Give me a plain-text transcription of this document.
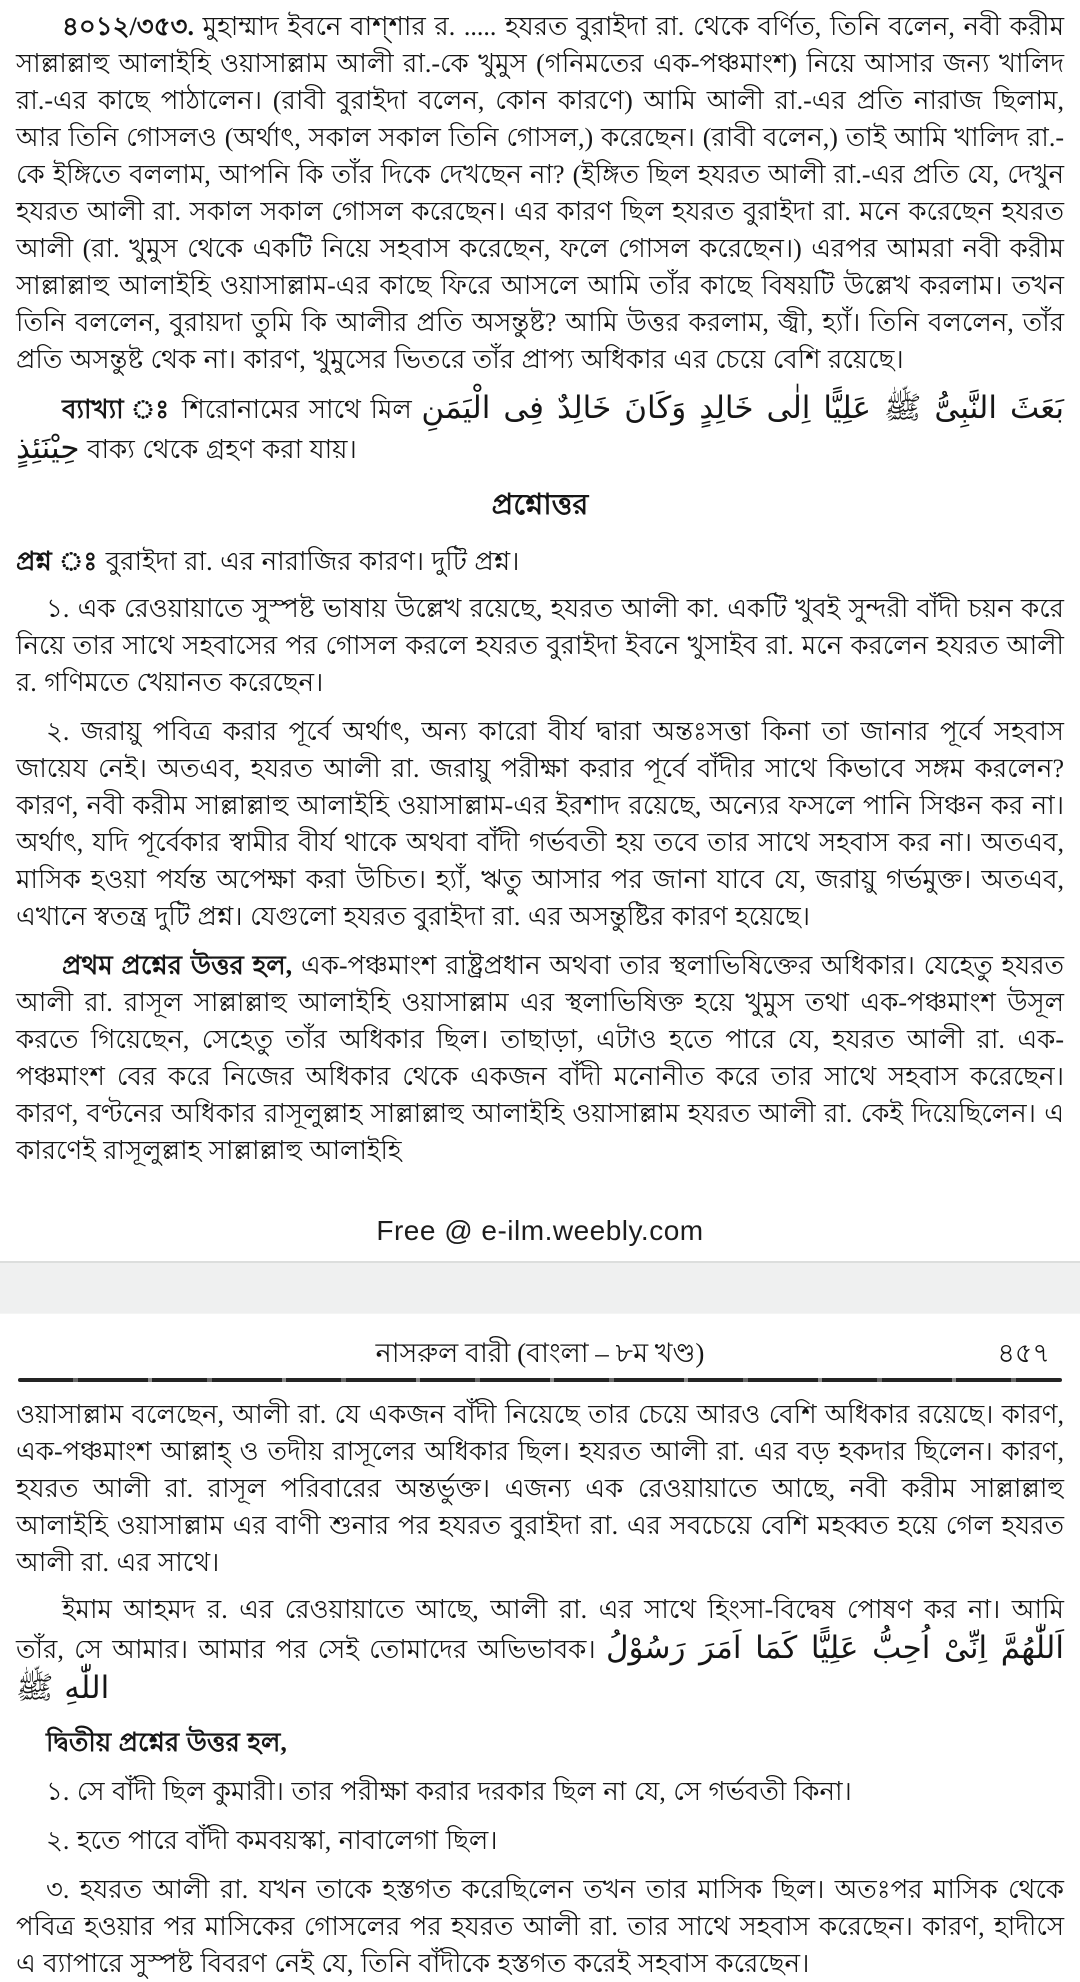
৪০১২/৩৫৩. মুহাম্মাদ ইবনে বাশ্শার র. ..... হযরত বুরাইদা রা. থেকে বর্ণিত, তিনি বলেন, নবী করীম সাল্লাল্লাহু আলাইহি ওয়াসাল্লাম আলী রা.-কে খুমুস (গনিমতের এক-পঞ্চমাংশ) নিয়ে আসার জন্য খালিদ রা.-এর কাছে পাঠালেন। (রাবী বুরাইদা বলেন, কোন কারণে) আমি আলী রা.-এর প্রতি নারাজ ছিলাম, আর তিনি গোসলও (অর্থাৎ, সকাল সকাল তিনি গোসল,) করেছেন। (রাবী বলেন,) তাই আমি খালিদ রা.-কে ইঙ্গিতে বললাম, আপনি কি তাঁর দিকে দেখছেন না? (ইঙ্গিত ছিল হযরত আলী রা.-এর প্রতি যে, দেখুন হযরত আলী রা. সকাল সকাল গোসল করেছেন। এর কারণ ছিল হযরত বুরাইদা রা. মনে করেছেন হযরত আলী (রা. খুমুস থেকে একটি নিয়ে সহবাস করেছেন, ফলে গোসল করেছেন।) এরপর আমরা নবী করীম সাল্লাল্লাহু আলাইহি ওয়াসাল্লাম-এর কাছে ফিরে আসলে আমি তাঁর কাছে বিষয়টি উল্লেখ করলাম। তখন তিনি বললেন, বুরায়দা তুমি কি আলীর প্রতি অসন্তুষ্ট? আমি উত্তর করলাম, জ্বী, হ্যাঁ। তিনি বললেন, তাঁর প্রতি অসন্তুষ্ট থেক না। কারণ, খুমুসের ভিতরে তাঁর প্রাপ্য অধিকার এর চেয়ে বেশি রয়েছে।

ব্যাখ্যা ঃ শিরোনামের সাথে মিল بَعَثَ النَّبِىُّ ﷺ عَلِيًّا اِلٰى خَالِدٍ وَكَانَ خَالِدٌ فِى الْيَمَنِ حِيْنَئِذٍ বাক্য থেকে গ্রহণ করা যায়।

প্রশ্নোত্তর

প্রশ্ন ঃ বুরাইদা রা. এর নারাজির কারণ। দুটি প্রশ্ন।

১. এক রেওয়ায়াতে সুস্পষ্ট ভাষায় উল্লেখ রয়েছে, হযরত আলী কা. একটি খুবই সুন্দরী বাঁদী চয়ন করে নিয়ে তার সাথে সহবাসের পর গোসল করলে হযরত বুরাইদা ইবনে খুসাইব রা. মনে করলেন হযরত আলী র. গণিমতে খেয়ানত করেছেন।

২. জরায়ু পবিত্র করার পূর্বে অর্থাৎ, অন্য কারো বীর্য দ্বারা অন্তঃসত্তা কিনা তা জানার পূর্বে সহবাস জায়েয নেই। অতএব, হযরত আলী রা. জরায়ু পরীক্ষা করার পূর্বে বাঁদীর সাথে কিভাবে সঙ্গম করলেন? কারণ, নবী করীম সাল্লাল্লাহু আলাইহি ওয়াসাল্লাম-এর ইরশাদ রয়েছে, অন্যের ফসলে পানি সিঞ্চন কর না। অর্থাৎ, যদি পূর্বেকার স্বামীর বীর্য থাকে অথবা বাঁদী গর্ভবতী হয় তবে তার সাথে সহবাস কর না। অতএব, মাসিক হওয়া পর্যন্ত অপেক্ষা করা উচিত। হ্যাঁ, ঋতু আসার পর জানা যাবে যে, জরায়ু গর্ভমুক্ত। অতএব, এখানে স্বতন্ত্র দুটি প্রশ্ন। যেগুলো হযরত বুরাইদা রা. এর অসন্তুষ্টির কারণ হয়েছে।

প্রথম প্রশ্নের উত্তর হল, এক-পঞ্চমাংশ রাষ্ট্রপ্রধান অথবা তার স্থলাভিষিক্তের অধিকার। যেহেতু হযরত আলী রা. রাসূল সাল্লাল্লাহু আলাইহি ওয়াসাল্লাম এর স্থলাভিষিক্ত হয়ে খুমুস তথা এক-পঞ্চমাংশ উসূল করতে গিয়েছেন, সেহেতু তাঁর অধিকার ছিল। তাছাড়া, এটাও হতে পারে যে, হযরত আলী রা. এক-পঞ্চমাংশ বের করে নিজের অধিকার থেকে একজন বাঁদী মনোনীত করে তার সাথে সহবাস করেছেন। কারণ, বণ্টনের অধিকার রাসূলুল্লাহ সাল্লাল্লাহু আলাইহি ওয়াসাল্লাম হযরত আলী রা. কেই দিয়েছিলেন। এ কারণেই রাসূলুল্লাহ সাল্লাল্লাহু আলাইহি

Free @ e-ilm.weebly.com
নাসরুল বারী (বাংলা – ৮ম খণ্ড)	৪৫৭

ওয়াসাল্লাম বলেছেন, আলী রা. যে একজন বাঁদী নিয়েছে তার চেয়ে আরও বেশি অধিকার রয়েছে। কারণ, এক-পঞ্চমাংশ আল্লাহ্‌ ও তদীয় রাসূলের অধিকার ছিল। হযরত আলী রা. এর বড় হকদার ছিলেন। কারণ, হযরত আলী রা. রাসূল পরিবারের অন্তর্ভুক্ত। এজন্য এক রেওয়ায়াতে আছে, নবী করীম সাল্লাল্লাহু আলাইহি ওয়াসাল্লাম এর বাণী শুনার পর হযরত বুরাইদা রা. এর সবচেয়ে বেশি মহব্বত হয়ে গেল হযরত আলী রা. এর সাথে।

ইমাম আহমদ র. এর রেওয়ায়াতে আছে, আলী রা. এর সাথে হিংসা-বিদ্বেষ পোষণ কর না। আমি তাঁর, সে আমার। আমার পর সেই তোমাদের অভিভাবক। اَللّٰهُمَّ اِنِّىْ اُحِبُّ عَلِيًّا كَمَا اَمَرَ رَسُوْلُ اللّٰهِ ﷺ

দ্বিতীয় প্রশ্নের উত্তর হল,

১. সে বাঁদী ছিল কুমারী। তার পরীক্ষা করার দরকার ছিল না যে, সে গর্ভবতী কিনা।

২. হতে পারে বাঁদী কমবয়স্কা, নাবালেগা ছিল।

৩. হযরত আলী রা. যখন তাকে হস্তগত করেছিলেন তখন তার মাসিক ছিল। অতঃপর মাসিক থেকে পবিত্র হওয়ার পর মাসিকের গোসলের পর হযরত আলী রা. তার সাথে সহবাস করেছেন। কারণ, হাদীসে এ ব্যাপারে সুস্পষ্ট বিবরণ নেই যে, তিনি বাঁদীকে হস্তগত করেই সহবাস করেছেন।
